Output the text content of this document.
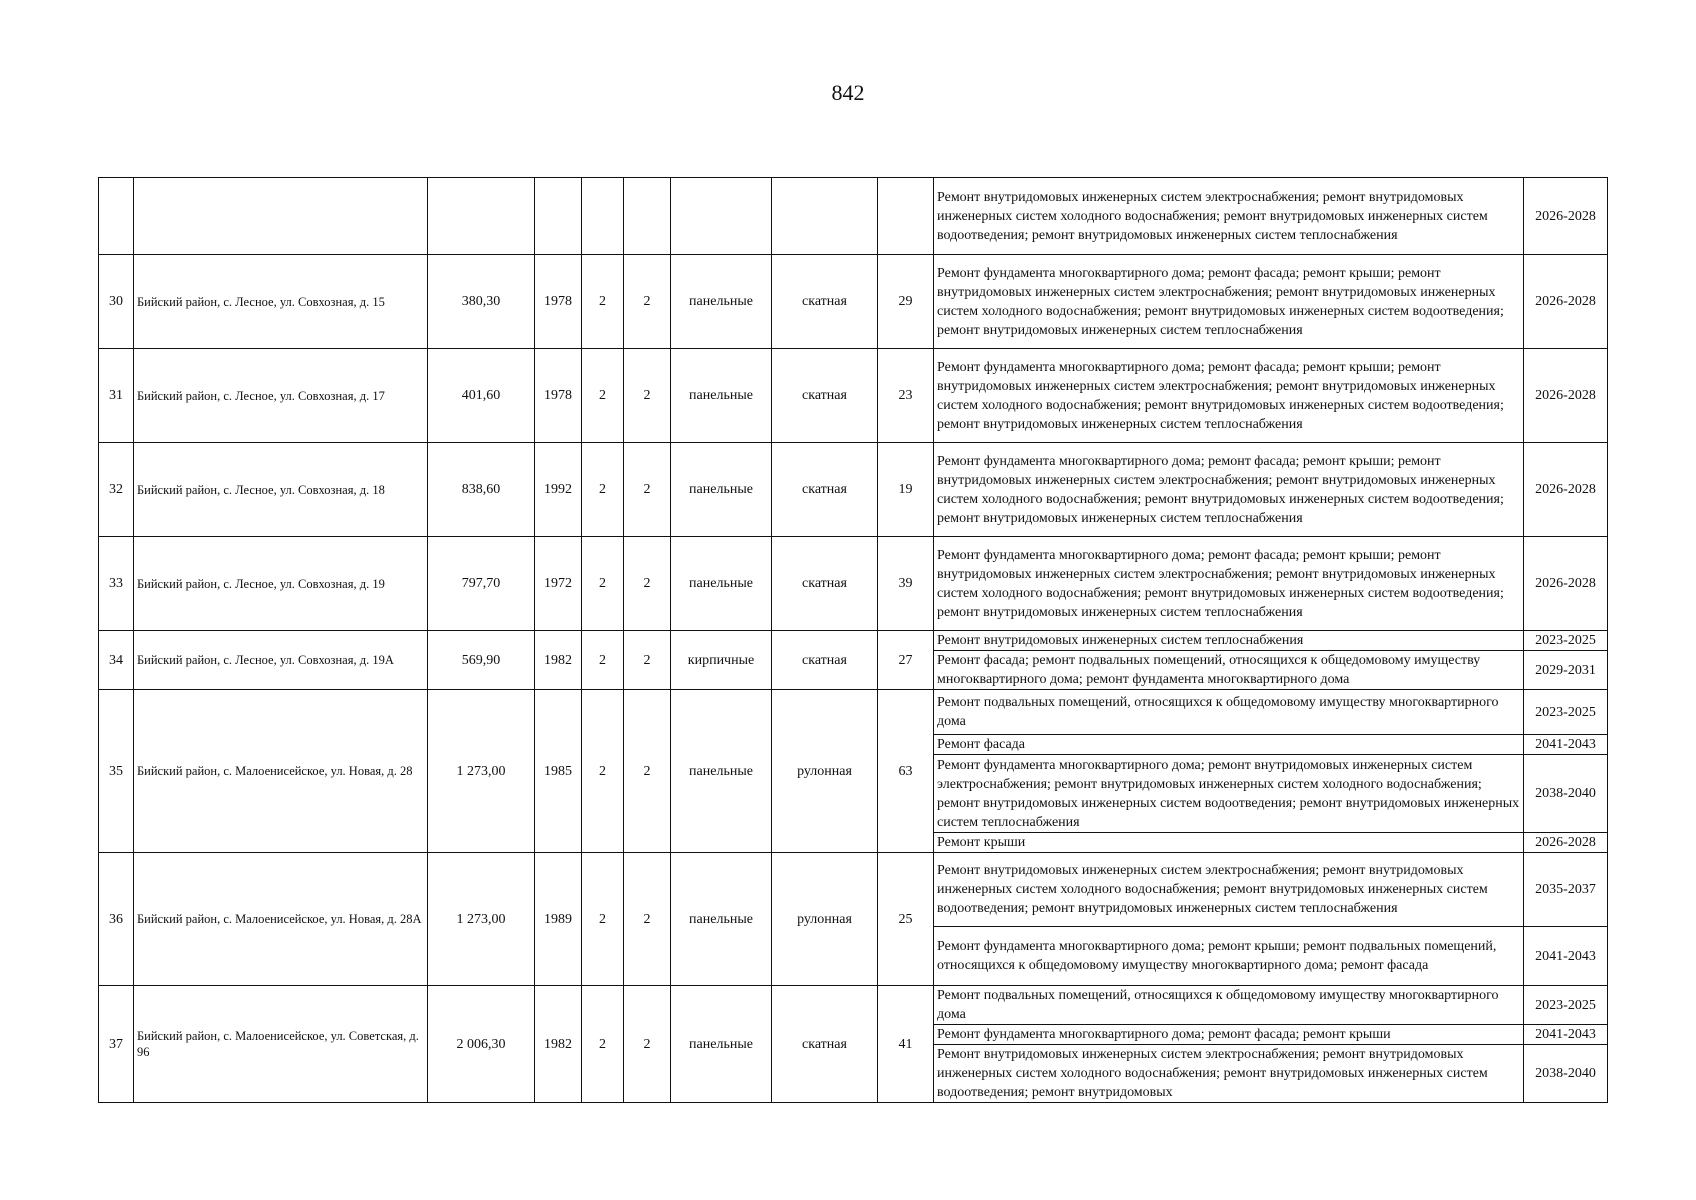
842
									Ремонт внутридомовых инженерных систем электроснабжения; ремонт внутридомовых инженерных систем холодного водоснабжения; ремонт внутридомовых инженерных систем водоотведения; ремонт внутридомовых инженерных систем теплоснабжения	2026-2028
30	Бийский район, с. Лесное, ул. Совхозная, д. 15	380,30	1978	2	2	панельные	скатная	29	Ремонт фундамента многоквартирного дома; ремонт фасада; ремонт крыши; ремонт внутридомовых инженерных систем электроснабжения; ремонт внутридомовых инженерных систем холодного водоснабжения; ремонт внутридомовых инженерных систем водоотведения; ремонт внутридомовых инженерных систем теплоснабжения	2026-2028
31	Бийский район, с. Лесное, ул. Совхозная, д. 17	401,60	1978	2	2	панельные	скатная	23	Ремонт фундамента многоквартирного дома; ремонт фасада; ремонт крыши; ремонт внутридомовых инженерных систем электроснабжения; ремонт внутридомовых инженерных систем холодного водоснабжения; ремонт внутридомовых инженерных систем водоотведения; ремонт внутридомовых инженерных систем теплоснабжения	2026-2028
32	Бийский район, с. Лесное, ул. Совхозная, д. 18	838,60	1992	2	2	панельные	скатная	19	Ремонт фундамента многоквартирного дома; ремонт фасада; ремонт крыши; ремонт внутридомовых инженерных систем электроснабжения; ремонт внутридомовых инженерных систем холодного водоснабжения; ремонт внутридомовых инженерных систем водоотведения; ремонт внутридомовых инженерных систем теплоснабжения	2026-2028
33	Бийский район, с. Лесное, ул. Совхозная, д. 19	797,70	1972	2	2	панельные	скатная	39	Ремонт фундамента многоквартирного дома; ремонт фасада; ремонт крыши; ремонт внутридомовых инженерных систем электроснабжения; ремонт внутридомовых инженерных систем холодного водоснабжения; ремонт внутридомовых инженерных систем водоотведения; ремонт внутридомовых инженерных систем теплоснабжения	2026-2028
34	Бийский район, с. Лесное, ул. Совхозная, д. 19А	569,90	1982	2	2	кирпичные	скатная	27	Ремонт внутридомовых инженерных систем теплоснабжения	2023-2025
									Ремонт фасада; ремонт подвальных помещений, относящихся к общедомовому имуществу многоквартирного дома; ремонт фундамента многоквартирного дома	2029-2031
35	Бийский район, с. Малоенисейское, ул. Новая, д. 28	1 273,00	1985	2	2	панельные	рулонная	63	Ремонт подвальных помещений, относящихся к общедомовому имуществу многоквартирного дома	2023-2025
									Ремонт фасада	2041-2043
									Ремонт фундамента многоквартирного дома; ремонт внутридомовых инженерных систем электроснабжения; ремонт внутридомовых инженерных систем холодного водоснабжения; ремонт внутридомовых инженерных систем водоотведения; ремонт внутридомовых инженерных систем теплоснабжения	2038-2040
									Ремонт крыши	2026-2028
36	Бийский район, с. Малоенисейское, ул. Новая, д. 28А	1 273,00	1989	2	2	панельные	рулонная	25	Ремонт внутридомовых инженерных систем электроснабжения; ремонт внутридомовых инженерных систем холодного водоснабжения; ремонт внутридомовых инженерных систем водоотведения; ремонт внутридомовых инженерных систем теплоснабжения	2035-2037
									Ремонт фундамента многоквартирного дома; ремонт крыши; ремонт подвальных помещений, относящихся к общедомовому имуществу многоквартирного дома; ремонт фасада	2041-2043
37	Бийский район, с. Малоенисейское, ул. Советская, д. 96	2 006,30	1982	2	2	панельные	скатная	41	Ремонт подвальных помещений, относящихся к общедомовому имуществу многоквартирного дома	2023-2025
									Ремонт фундамента многоквартирного дома; ремонт фасада; ремонт крыши	2041-2043
									Ремонт внутридомовых инженерных систем электроснабжения; ремонт внутридомовых инженерных систем холодного водоснабжения; ремонт внутридомовых инженерных систем водоотведения; ремонт внутридомовых	2038-2040
